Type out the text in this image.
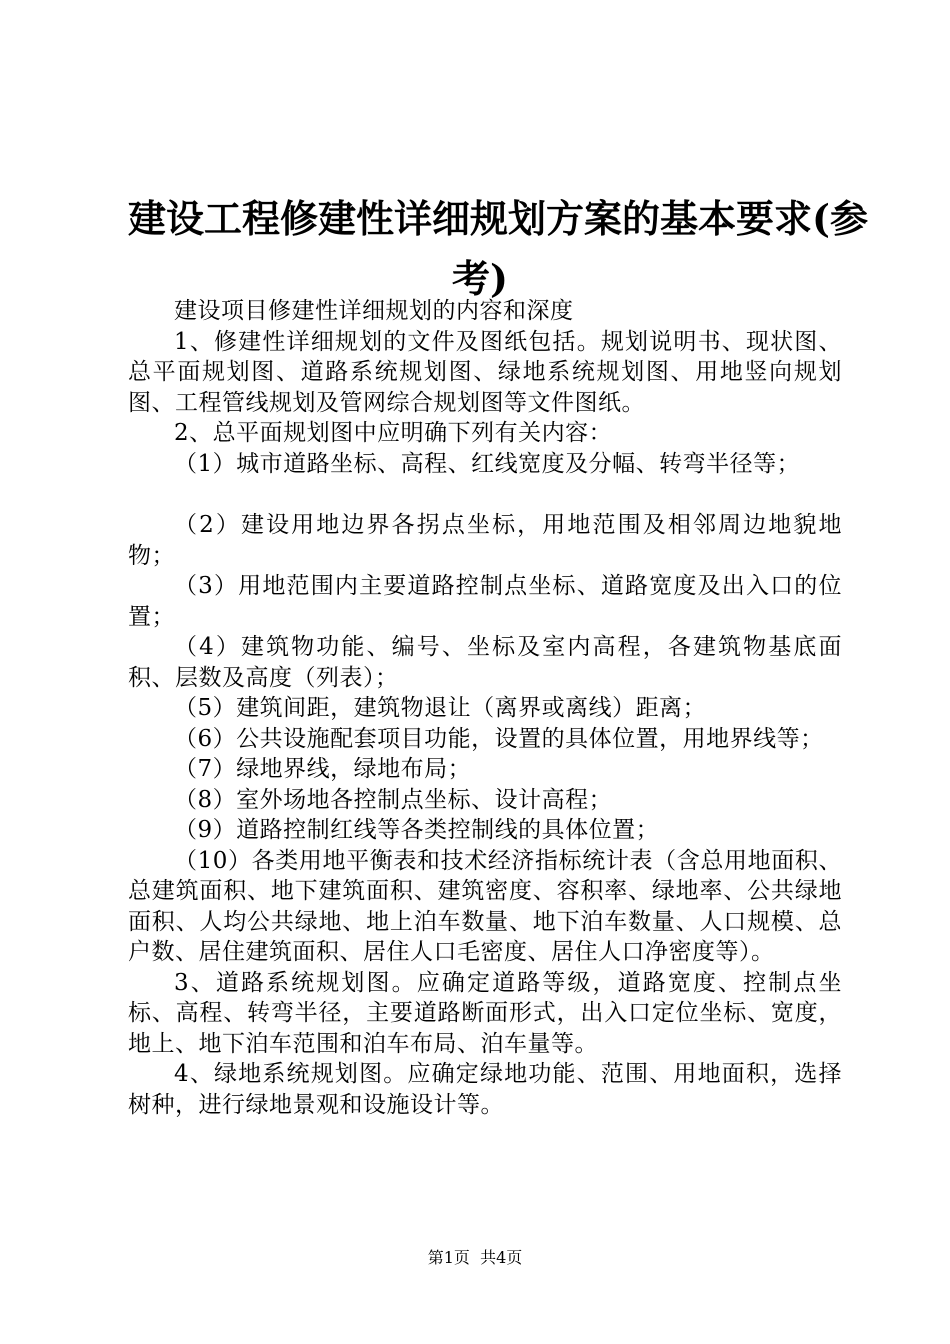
建设工程修建性详细规划方案的基本要求(参
考)

建设项目修建性详细规划的内容和深度

1、修建性详细规划的文件及图纸包括。规划说明书、现状图、总平面规划图、道路系统规划图、绿地系统规划图、用地竖向规划图、工程管线规划及管网综合规划图等文件图纸。

2、总平面规划图中应明确下列有关内容：

（1）城市道路坐标、高程、红线宽度及分幅、转弯半径等；

（2）建设用地边界各拐点坐标，用地范围及相邻周边地貌地物；

（3）用地范围内主要道路控制点坐标、道路宽度及出入口的位置；

（4）建筑物功能、编号、坐标及室内高程，各建筑物基底面积、层数及高度（列表）；

（5）建筑间距，建筑物退让（离界或离线）距离；

（6）公共设施配套项目功能，设置的具体位置，用地界线等；

（7）绿地界线，绿地布局；

（8）室外场地各控制点坐标、设计高程；

（9）道路控制红线等各类控制线的具体位置；

（10）各类用地平衡表和技术经济指标统计表（含总用地面积、总建筑面积、地下建筑面积、建筑密度、容积率、绿地率、公共绿地面积、人均公共绿地、地上泊车数量、地下泊车数量、人口规模、总户数、居住建筑面积、居住人口毛密度、居住人口净密度等）。

3、道路系统规划图。应确定道路等级，道路宽度、控制点坐标、高程、转弯半径，主要道路断面形式，出入口定位坐标、宽度，地上、地下泊车范围和泊车布局、泊车量等。

4、绿地系统规划图。应确定绿地功能、范围、用地面积，选择树种，进行绿地景观和设施设计等。

第1页  共4页
